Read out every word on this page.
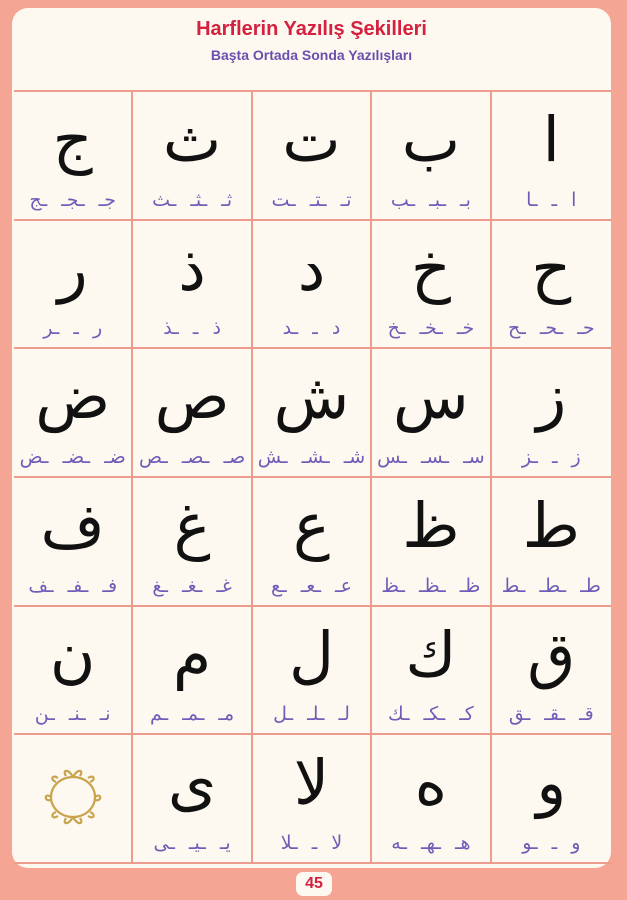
Harflerin Yazılış Şekilleri
Başta Ortada Sonda Yazılışları
ج
جـ ـجـ ـج
ث
ثـ ـثـ ـث
ت
تـ ـتـ ـت
ب
بـ ـبـ ـب
ا
ا ـ ـا
ر
ر ـ ـر
ذ
ذ ـ ـذ
د
د ـ ـد
خ
خـ ـخـ ـخ
ح
حـ ـحـ ـح
ض
ضـ ـضـ ـض
ص
صـ ـصـ ـص
ش
شـ ـشـ ـش
س
سـ ـسـ ـس
ز
ز ـ ـز
ف
فـ ـفـ ـف
غ
غـ ـغـ ـغ
ع
عـ ـعـ ـع
ظ
ظـ ـظـ ـظ
ط
طـ ـطـ ـط
ن
نـ ـنـ ـن
م
مـ ـمـ ـم
ل
لـ ـلـ ـل
ك
كـ ـكـ ـك
ق
قـ ـقـ ـق
ى
يـ ـيـ ـى
لا
لا ـ ـلا
ه
هـ ـهـ ـه
و
و ـ ـو
45
